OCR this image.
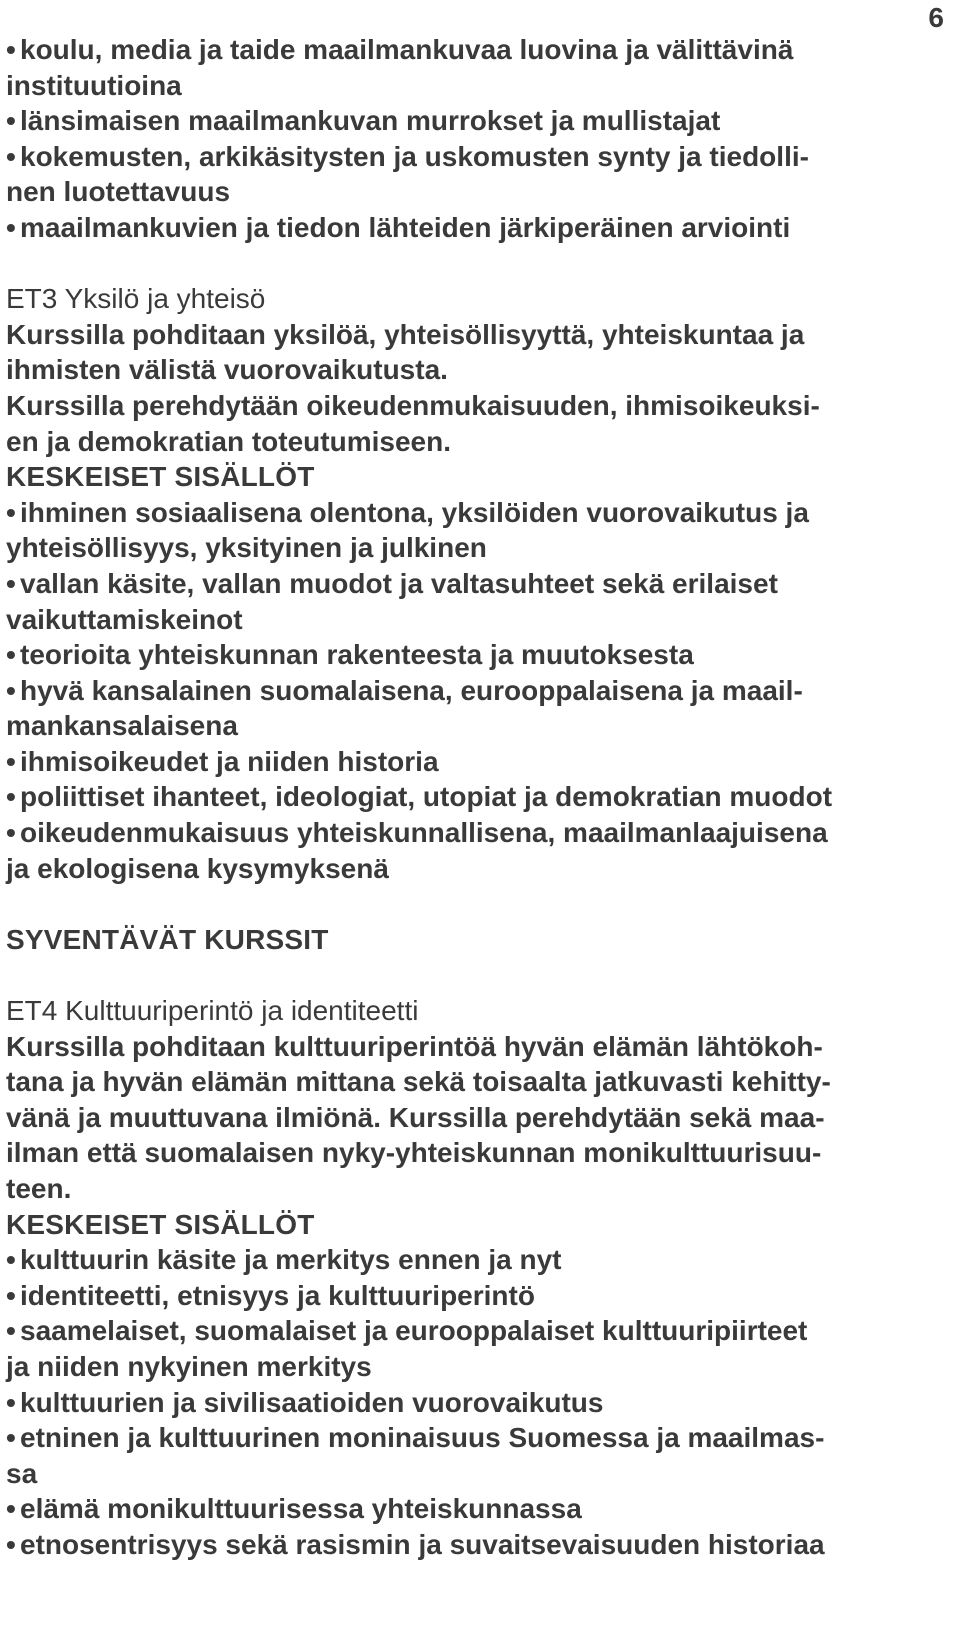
6
• koulu, media ja taide maailmankuvaa luovina ja välittävinä
instituutioina
• länsimaisen maailmankuvan murrokset ja mullistajat
• kokemusten, arkikäsitysten ja uskomusten synty ja tiedolli-
nen luotettavuus
• maailmankuvien ja tiedon lähteiden järkiperäinen arviointi
ET3 Yksilö ja yhteisö
Kurssilla pohditaan yksilöä, yhteisöllisyyttä, yhteiskuntaa ja
ihmisten välistä vuorovaikutusta.
Kurssilla perehdytään oikeudenmukaisuuden, ihmisoikeuksi-
en ja demokratian toteutumiseen.
KESKEISET SISÄLLÖT
• ihminen sosiaalisena olentona, yksilöiden vuorovaikutus ja
yhteisöllisyys, yksityinen ja julkinen
• vallan käsite, vallan muodot ja valtasuhteet sekä erilaiset
vaikuttamiskeinot
• teorioita yhteiskunnan rakenteesta ja muutoksesta
• hyvä kansalainen suomalaisena, eurooppalaisena ja maail-
mankansalaisena
• ihmisoikeudet ja niiden historia
• poliittiset ihanteet, ideologiat, utopiat ja demokratian muodot
• oikeudenmukaisuus yhteiskunnallisena, maailmanlaajuisena
ja ekologisena kysymyksenä
SYVENTÄVÄT KURSSIT
ET4 Kulttuuriperintö ja identiteetti
Kurssilla pohditaan kulttuuriperintöä hyvän elämän lähtökoh-
tana ja hyvän elämän mittana sekä toisaalta jatkuvasti kehitty-
vänä ja muuttuvana ilmiönä. Kurssilla perehdytään sekä maa-
ilman että suomalaisen nyky-yhteiskunnan monikulttuurisuu-
teen.
KESKEISET SISÄLLÖT
• kulttuurin käsite ja merkitys ennen ja nyt
• identiteetti, etnisyys ja kulttuuriperintö
• saamelaiset, suomalaiset ja eurooppalaiset kulttuuripiirteet
ja niiden nykyinen merkitys
• kulttuurien ja sivilisaatioiden vuorovaikutus
• etninen ja kulttuurinen moninaisuus Suomessa ja maailmas-
sa
• elämä monikulttuurisessa yhteiskunnassa
• etnosentrisyys sekä rasismin ja suvaitsevaisuuden historiaa
